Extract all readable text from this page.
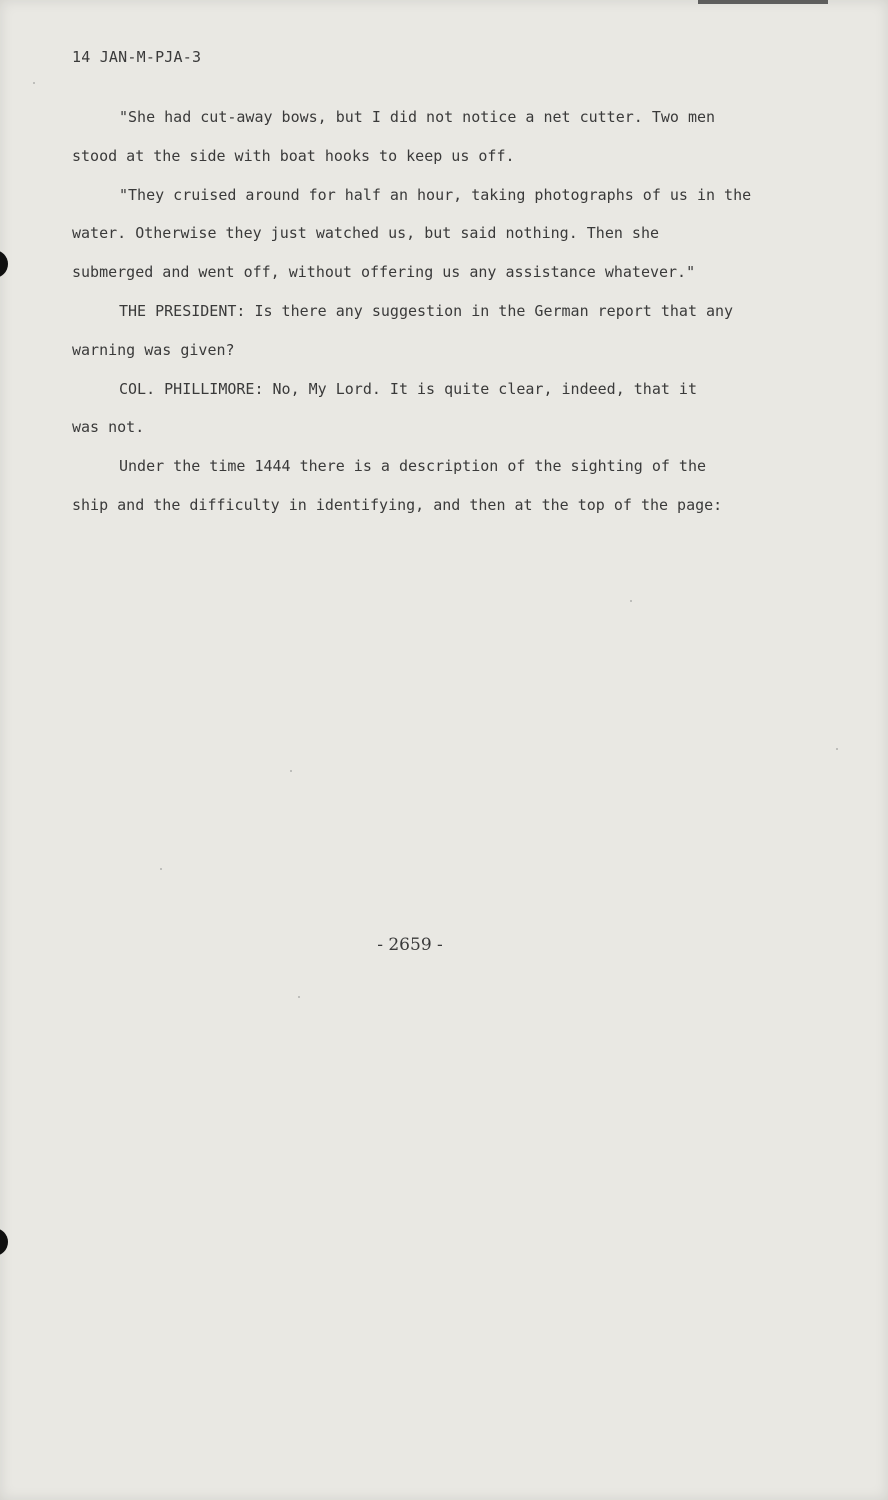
14 JAN-M-PJA-3
"She had cut-away bows, but I did not notice a net cutter. Two men
stood at the side with boat hooks to keep us off.
"They cruised around for half an hour, taking photographs of us in the
water. Otherwise they just watched us, but said nothing. Then she
submerged and went off, without offering us any assistance whatever."
THE PRESIDENT: Is there any suggestion in the German report that any
warning was given?
COL. PHILLIMORE: No, My Lord. It is quite clear, indeed, that it
was not.
Under the time 1444 there is a description of the sighting of the
ship and the difficulty in identifying, and then at the top of the page:
- 2659 -
